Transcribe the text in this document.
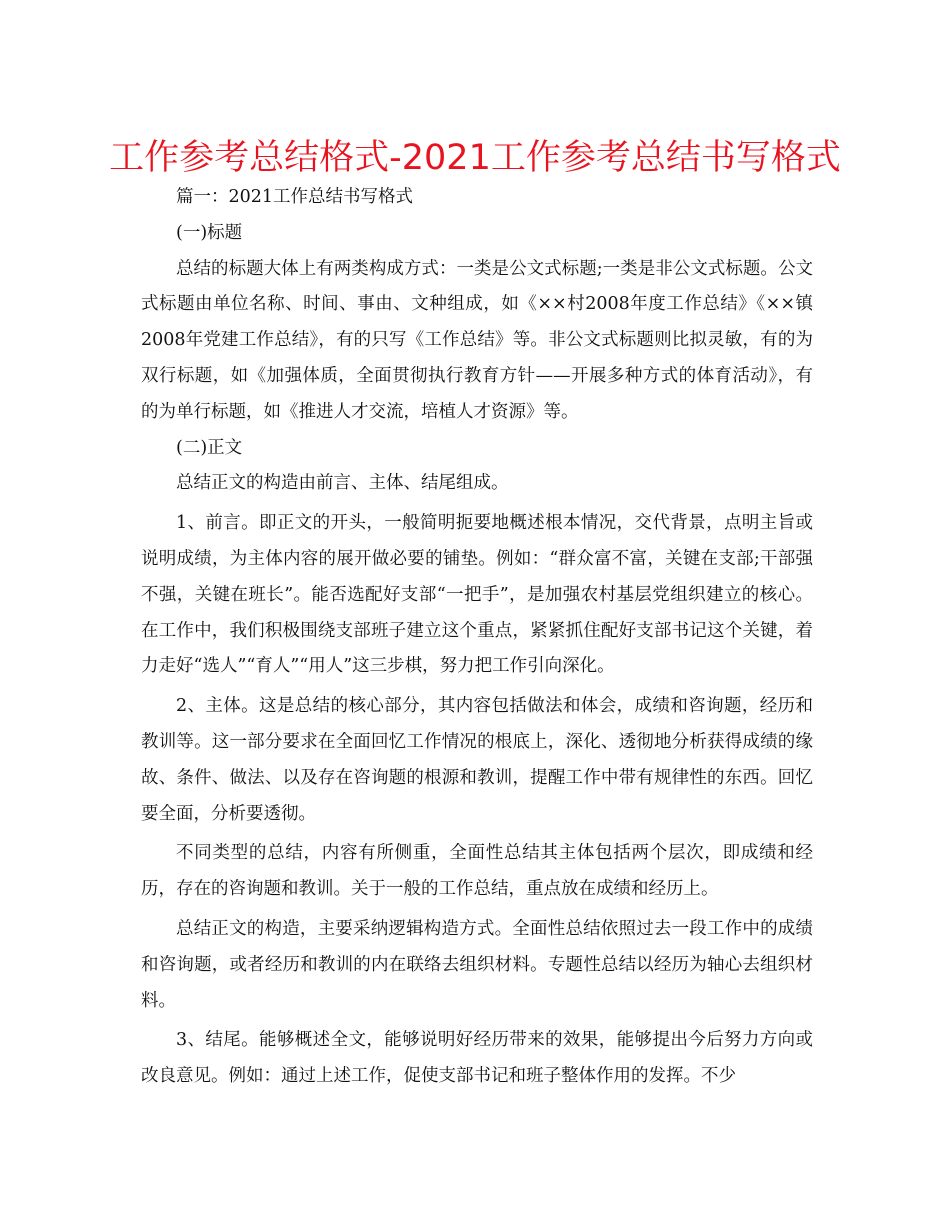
工作参考总结格式-2021工作参考总结书写格式

篇一：2021工作总结书写格式

(一)标题

总结的标题大体上有两类构成方式：一类是公文式标题;一类是非公文式标题。公文式标题由单位名称、时间、事由、文种组成，如《××村2008年度工作总结》《××镇2008年党建工作总结》，有的只写《工作总结》等。非公文式标题则比拟灵敏，有的为双行标题，如《加强体质，全面贯彻执行教育方针——开展多种方式的体育活动》，有的为单行标题，如《推进人才交流，培植人才资源》等。

(二)正文

总结正文的构造由前言、主体、结尾组成。

1、前言。即正文的开头，一般简明扼要地概述根本情况，交代背景，点明主旨或说明成绩，为主体内容的展开做必要的铺垫。例如：“群众富不富，关键在支部;干部强不强，关键在班长”。能否选配好支部“一把手”，是加强农村基层党组织建立的核心。在工作中，我们积极围绕支部班子建立这个重点，紧紧抓住配好支部书记这个关键，着力走好“选人”“育人”“用人”这三步棋，努力把工作引向深化。

2、主体。这是总结的核心部分，其内容包括做法和体会，成绩和咨询题，经历和教训等。这一部分要求在全面回忆工作情况的根底上，深化、透彻地分析获得成绩的缘故、条件、做法、以及存在咨询题的根源和教训，提醒工作中带有规律性的东西。回忆要全面，分析要透彻。

不同类型的总结，内容有所侧重，全面性总结其主体包括两个层次，即成绩和经历，存在的咨询题和教训。关于一般的工作总结，重点放在成绩和经历上。

总结正文的构造，主要采纳逻辑构造方式。全面性总结依照过去一段工作中的成绩和咨询题，或者经历和教训的内在联络去组织材料。专题性总结以经历为轴心去组织材料。

3、结尾。能够概述全文，能够说明好经历带来的效果，能够提出今后努力方向或改良意见。例如：通过上述工作，促使支部书记和班子整体作用的发挥。不少
